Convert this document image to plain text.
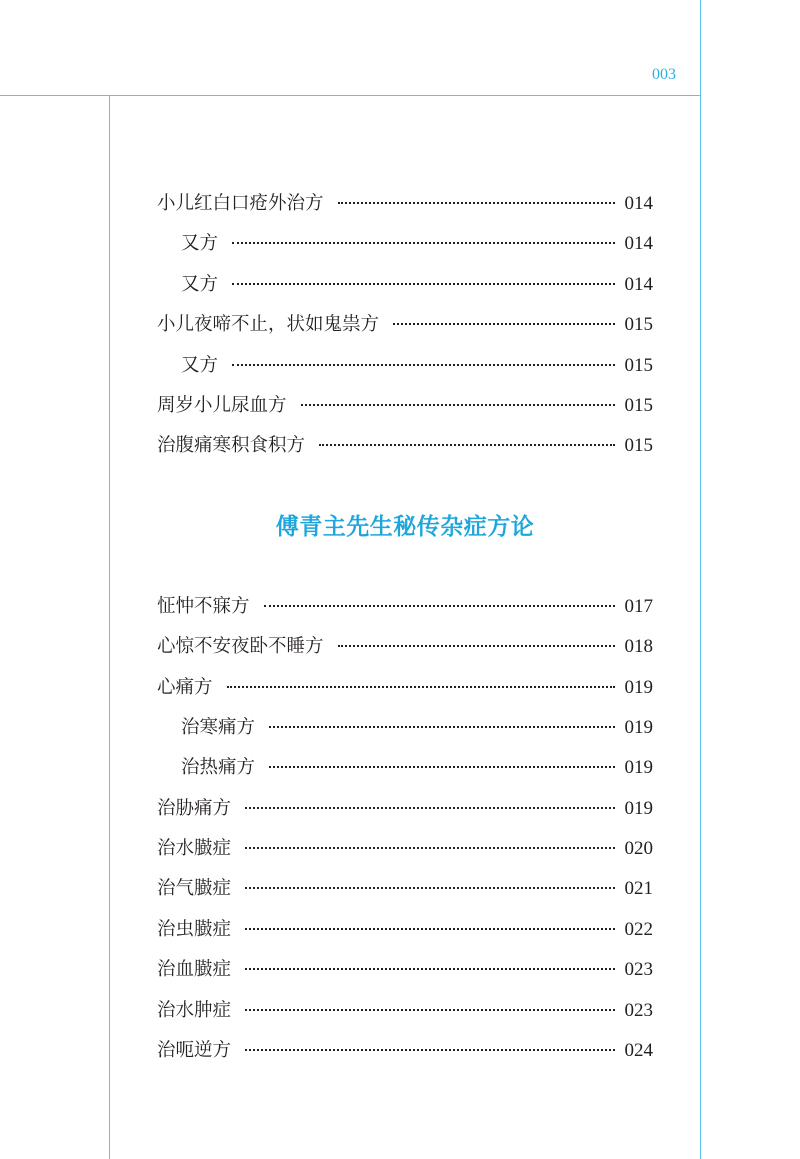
003
小儿红白口疮外治方	014
又方	014
又方	014
小儿夜啼不止，状如鬼祟方	015
又方	015
周岁小儿尿血方	015
治腹痛寒积食积方	015
傅青主先生秘传杂症方论
怔忡不寐方	017
心惊不安夜卧不睡方	018
心痛方	019
治寒痛方	019
治热痛方	019
治胁痛方	019
治水臌症	020
治气臌症	021
治虫臌症	022
治血臌症	023
治水肿症	023
治呃逆方	024
